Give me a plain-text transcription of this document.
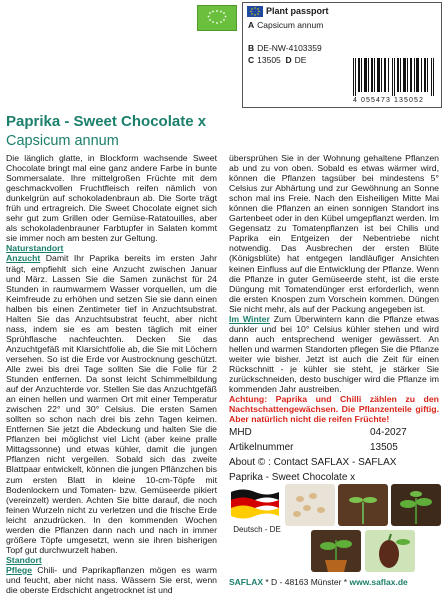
Plant passport
A Capsicum annum
B DE-NW-4103359
C 13505 D DE
4 055473 135052
Paprika - Sweet Chocolate x
Capsicum annum

Die länglich glatte, in Blockform wachsende Sweet Chocolate bringt mal eine ganz andere Farbe in bunte Sommersalate. Ihre mittelgroßen Früchte mit dem geschmackvollen Fruchtfleisch reifen nämlich von dunkelgrün auf schokoladenbraun ab. Die Sorte trägt früh und ertragreich. Die Sweet Chocolate eignet sich sehr gut zum Grillen oder Gemüse-Ratatouilles, aber als schokoladenbrauner Farbtupfer in Salaten kommt sie immer noch am besten zur Geltung.

Naturstandort

Anzucht Damit Ihr Paprika bereits im ersten Jahr trägt, empfiehlt sich eine Anzucht zwischen Januar und März. Lassen Sie die Samen zunächst für 24 Stunden in raumwarmem Wasser vorquellen, um die Keimfreude zu erhöhen und setzen Sie sie dann einen halben bis einen Zentimeter tief in Anzuchtsubstrat. Halten Sie das Anzuchtsubstrat feucht, aber nicht nass, indem sie es am besten täglich mit einer Sprühflasche nachfeuchten. Decken Sie das Anzuchtgefäß mit Klarsichtfolie ab, die Sie mit Löchern versehen. So ist die Erde vor Austrocknung geschützt. Alle zwei bis drei Tage sollten Sie die Folie für 2 Stunden entfernen. Da sonst leicht Schimmelbildung auf der Anzuchterde vor. Stellen Sie das Anzuchtgefäß an einen hellen und warmen Ort mit einer Temperatur zwischen 22° und 30° Celsius. Die ersten Samen sollten so schon nach drei bis zehn Tagen keimen. Entfernen Sie jetzt die Abdeckung und halten Sie die Pflanzen bei möglichst viel Licht (aber keine pralle Mittagssonne) und etwas kühler, damit die jungen Pflanzen nicht vergeilen. Sobald sich das zweite Blattpaar entwickelt, können die jungen Pflänzchen bis zum ersten Blatt in kleine 10-cm-Töpfe mit Bodenlockern und Tomaten- bzw. Gemüseerde pikiert (vereinzelt) werden. Achten Sie bitte darauf, die noch feinen Wurzeln nicht zu verletzen und die frische Erde leicht anzudrücken. In den kommenden Wochen werden die Pflanzen dann nach und nach in immer größere Töpfe umgesetzt, wenn sie ihren bisherigen Topf gut durchwurzelt haben.

Standort

Pflege Chili- und Paprikapflanzen mögen es warm und feucht, aber nicht nass. Wässern Sie erst, wenn die oberste Erdschicht angetrocknet ist und

übersprühen Sie in der Wohnung gehaltene Pflanzen ab und zu von oben. Sobald es etwas wärmer wird, können die Pflanzen tagsüber bei mindestens 5° Celsius zur Abhärtung und zur Gewöhnung an Sonne schon mal ins Freie. Nach den Eisheiligen Mitte Mai können die Pflanzen an einen sonnigen Standort ins Gartenbeet oder in den Kübel umgepflanzt werden. Im Gegensatz zu Tomatenpflanzen ist bei Chilis und Paprika ein Entgeizen der Nebentriebe nicht notwendig. Das Ausbrechen der ersten Blüte (Königsblüte) hat entgegen landläufiger Ansichten keinen Einfluss auf die Entwicklung der Pflanze. Wenn die Pflanze in guter Gemüseerde steht, ist die erste Düngung mit Tomatendünger erst erforderlich, wenn die ersten Knospen zum Vorschein kommen. Düngen Sie nicht mehr, als auf der Packung angegeben ist.

Im Winter Zum Überwintern kann die Pflanze etwas dunkler und bei 10° Celsius kühler stehen und wird dann auch entsprechend weniger gewässert. An hellen und warmen Standorten pflegen Sie die Pflanze weiter wie bisher. Jetzt ist auch die Zeit für einen Rückschnitt - je kühler sie steht, je stärker Sie zurückschneiden, desto buschiger wird die Pflanze im kommenden Jahr austreiben.

Achtung: Paprika und Chilli zählen zu den Nachtschattengewächsen. Die Pflanzenteile giftig. Aber natürlich nicht die reifen Früchte!

MHD	04-2027
Artikelnummer	13505
About © : Contact SAFLAX - SAFLAX
Paprika - Sweet Chocolate x
Deutsch - DE
SAFLAX * D - 48163 Münster * www.saflax.de
